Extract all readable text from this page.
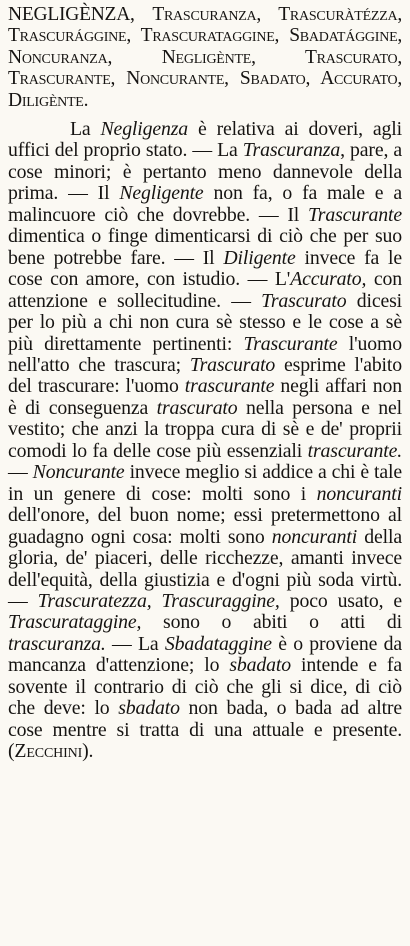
NEGLIGÈNZA, Trascuranza, Trascuràtézza, Trascurággine, Trascurataggine, Sbadatággine, Noncuranza, Negligènte, Trascurato, Trascurante, Noncurante, Sbadato, Accurato, Diligènte.

La Negligenza è relativa ai doveri, agli uffici del proprio stato. — La Trascuranza, pare, a cose minori; è pertanto meno dannevole della prima. — Il Negligente non fa, o fa male e a malincuore ciò che dovrebbe. — Il Trascurante dimentica o finge dimenticarsi di ciò che per suo bene potrebbe fare. — Il Diligente invece fa le cose con amore, con istudio. — L'Accurato, con attenzione e sollecitudine. — Trascurato dicesi per lo più a chi non cura sè stesso e le cose a sè più direttamente pertinenti: Trascurante l'uomo nell'atto che trascura; Trascurato esprime l'abito del trascurare: l'uomo trascurante negli affari non è di conseguenza trascurato nella persona e nel vestito; che anzi la troppa cura di sè e de' proprii comodi lo fa delle cose più essenziali trascurante. — Noncurante invece meglio si addice a chi è tale in un genere di cose: molti sono i noncuranti dell'onore, del buon nome; essi pretermettono al guadagno ogni cosa: molti sono noncuranti della gloria, de' piaceri, delle ricchezze, amanti invece dell'equità, della giustizia e d'ogni più soda virtù. — Trascuratezza, Trascuraggine, poco usato, e Trascurataggine, sono o abiti o atti di trascuranza. — La Sbadataggine è o proviene da mancanza d'attenzione; lo sbadato intende e fa sovente il contrario di ciò che gli si dice, di ciò che deve: lo sbadato non bada, o bada ad altre cose mentre si tratta di una attuale e presente. (Zecchini).
